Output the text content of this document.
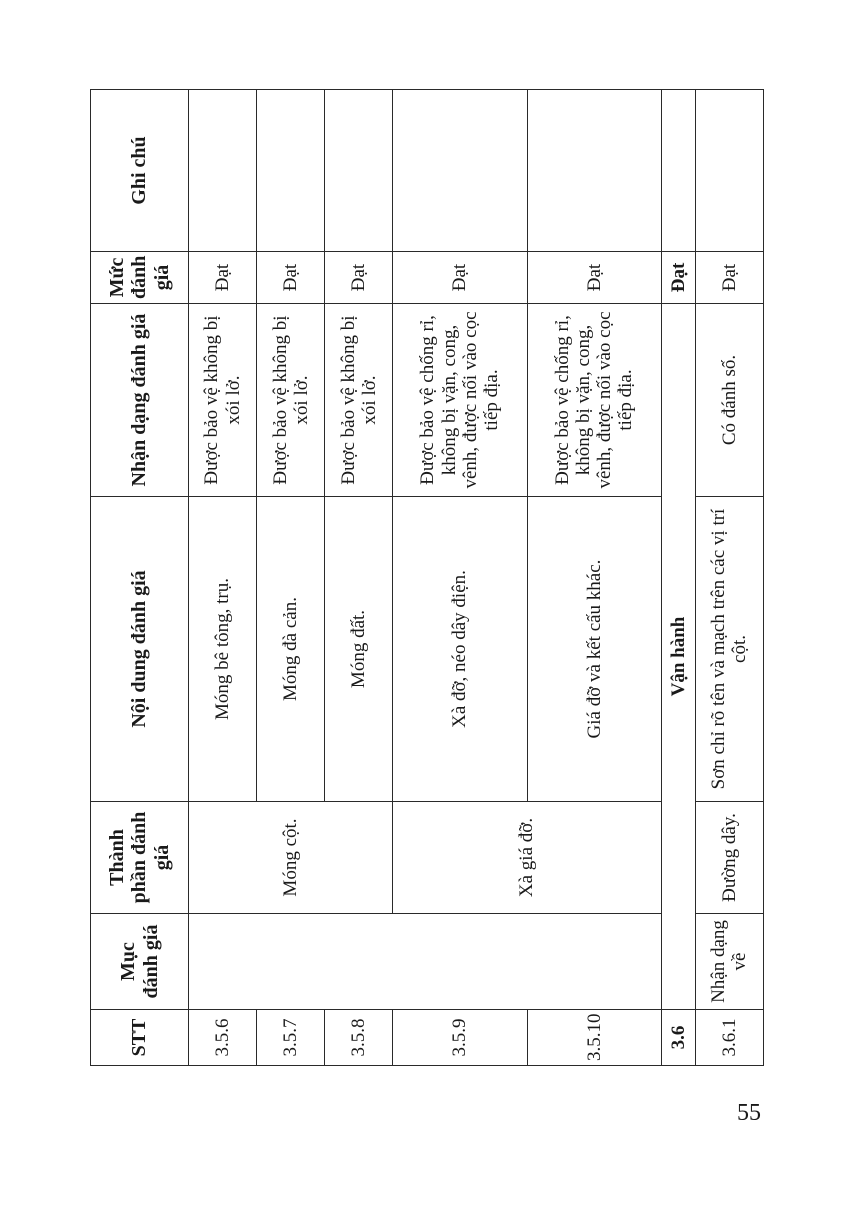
STT	Mục đánh giá	Thành phần đánh giá	Nội dung đánh giá	Nhận dạng đánh giá	Mức đánh giá	Ghi chú
3.5.6		Móng cột.	Móng bê tông, trụ.	Được bảo vệ không bị xói lở.	Đạt	
3.5.7			Móng đà cản.	Được bảo vệ không bị xói lở.	Đạt	
3.5.8			Móng đất.	Được bảo vệ không bị xói lở.	Đạt	
3.5.9		Xà giá đỡ.	Xà đỡ, néo dây điện.	Được bảo vệ chống rỉ, không bị vặn, cong, vênh, được nối vào cọc tiếp địa.	Đạt	
3.5.10			Giá đỡ và kết cấu khác.	Được bảo vệ chống rỉ, không bị vặn, cong, vênh, được nối vào cọc tiếp địa.	Đạt	
3.6	Vận hành				Đạt	
3.6.1	Nhận dạng về	Đường dây.	Sơn chỉ rõ tên và mạch trên các vị trí cột.	Có đánh số.	Đạt	
55
